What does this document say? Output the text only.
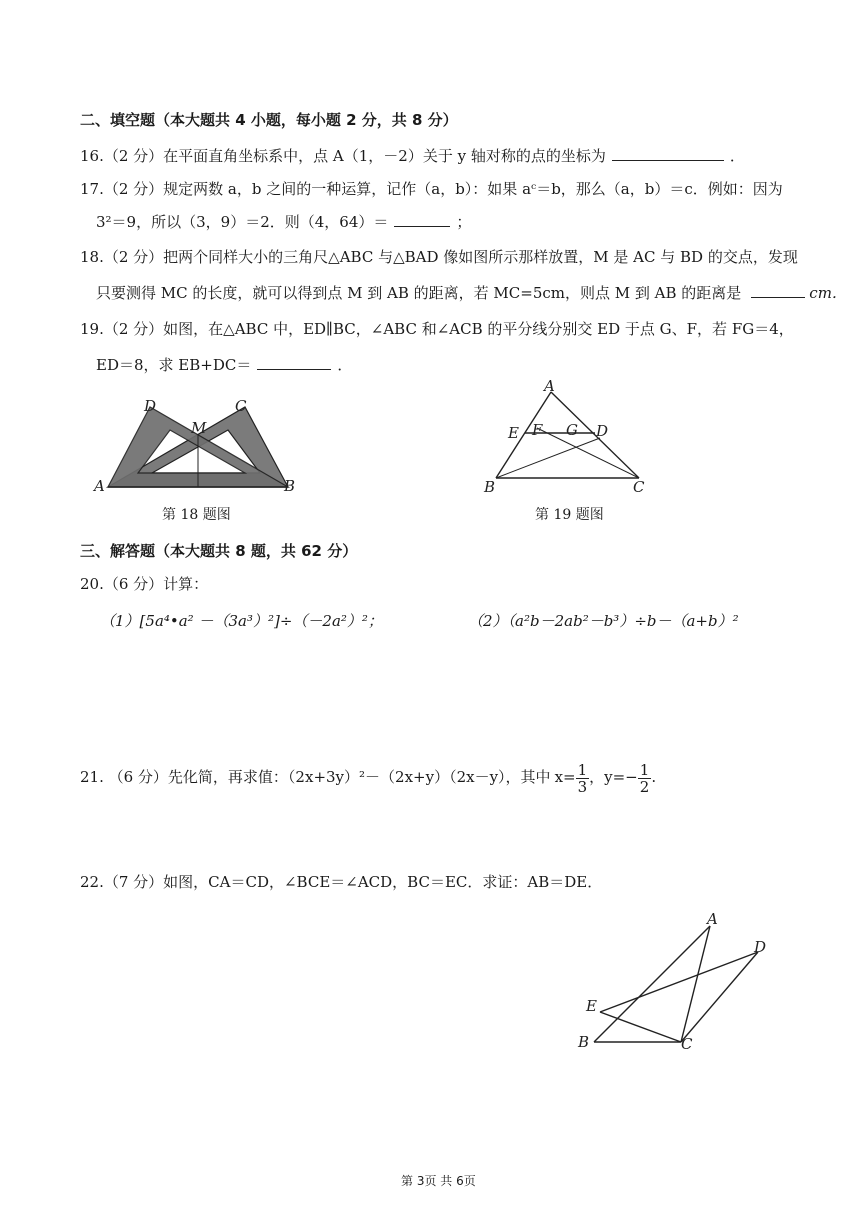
二、填空题（本大题共 4 小题，每小题 2 分，共 8 分）
16.（2 分）在平面直角坐标系中，点 A（1，－2）关于 y 轴对称的点的坐标为	．
17.（2 分）规定两数 a，b 之间的一种运算，记作（a，b）：如果 aᶜ＝b，那么（a，b）＝c．例如：因为
3²＝9，所以（3，9）＝2．则（4，64）＝	；
18.（2 分）把两个同样大小的三角尺△ABC 与△BAD 像如图所示那样放置，M 是 AC 与 BD 的交点，发现
只要测得 MC 的长度，就可以得到点 M 到 AB 的距离，若 MC=5cm，则点 M 到 AB 的距离是	cm．
19.（2 分）如图，在△ABC 中，ED∥BC，∠ABC 和∠ACB 的平分线分别交 ED 于点 G、F，若 FG＝4，
ED＝8，求 EB+DC＝	．
D	C
M
A	B
第 18 题图
A
E F G D
B	C
第 19 题图
三、解答题（本大题共 8 题，共 62 分）
20.（6 分）计算：
（1）[5a⁴•a² －（3a³）²]÷（－2a²）²；	（2）（a²b－2ab²－b³）÷b－（a+b）²
21. （6 分）先化简，再求值：（2x+3y）²－（2x+y）（2x－y），其中 $x= \frac{1}{3}$ ，$y=- \frac{1}{2}$ .
22.（7 分）如图，CA＝CD，∠BCE＝∠ACD，BC＝EC．求证：AB＝DE．
A
D
E
B	C
第 3页 共 6页
